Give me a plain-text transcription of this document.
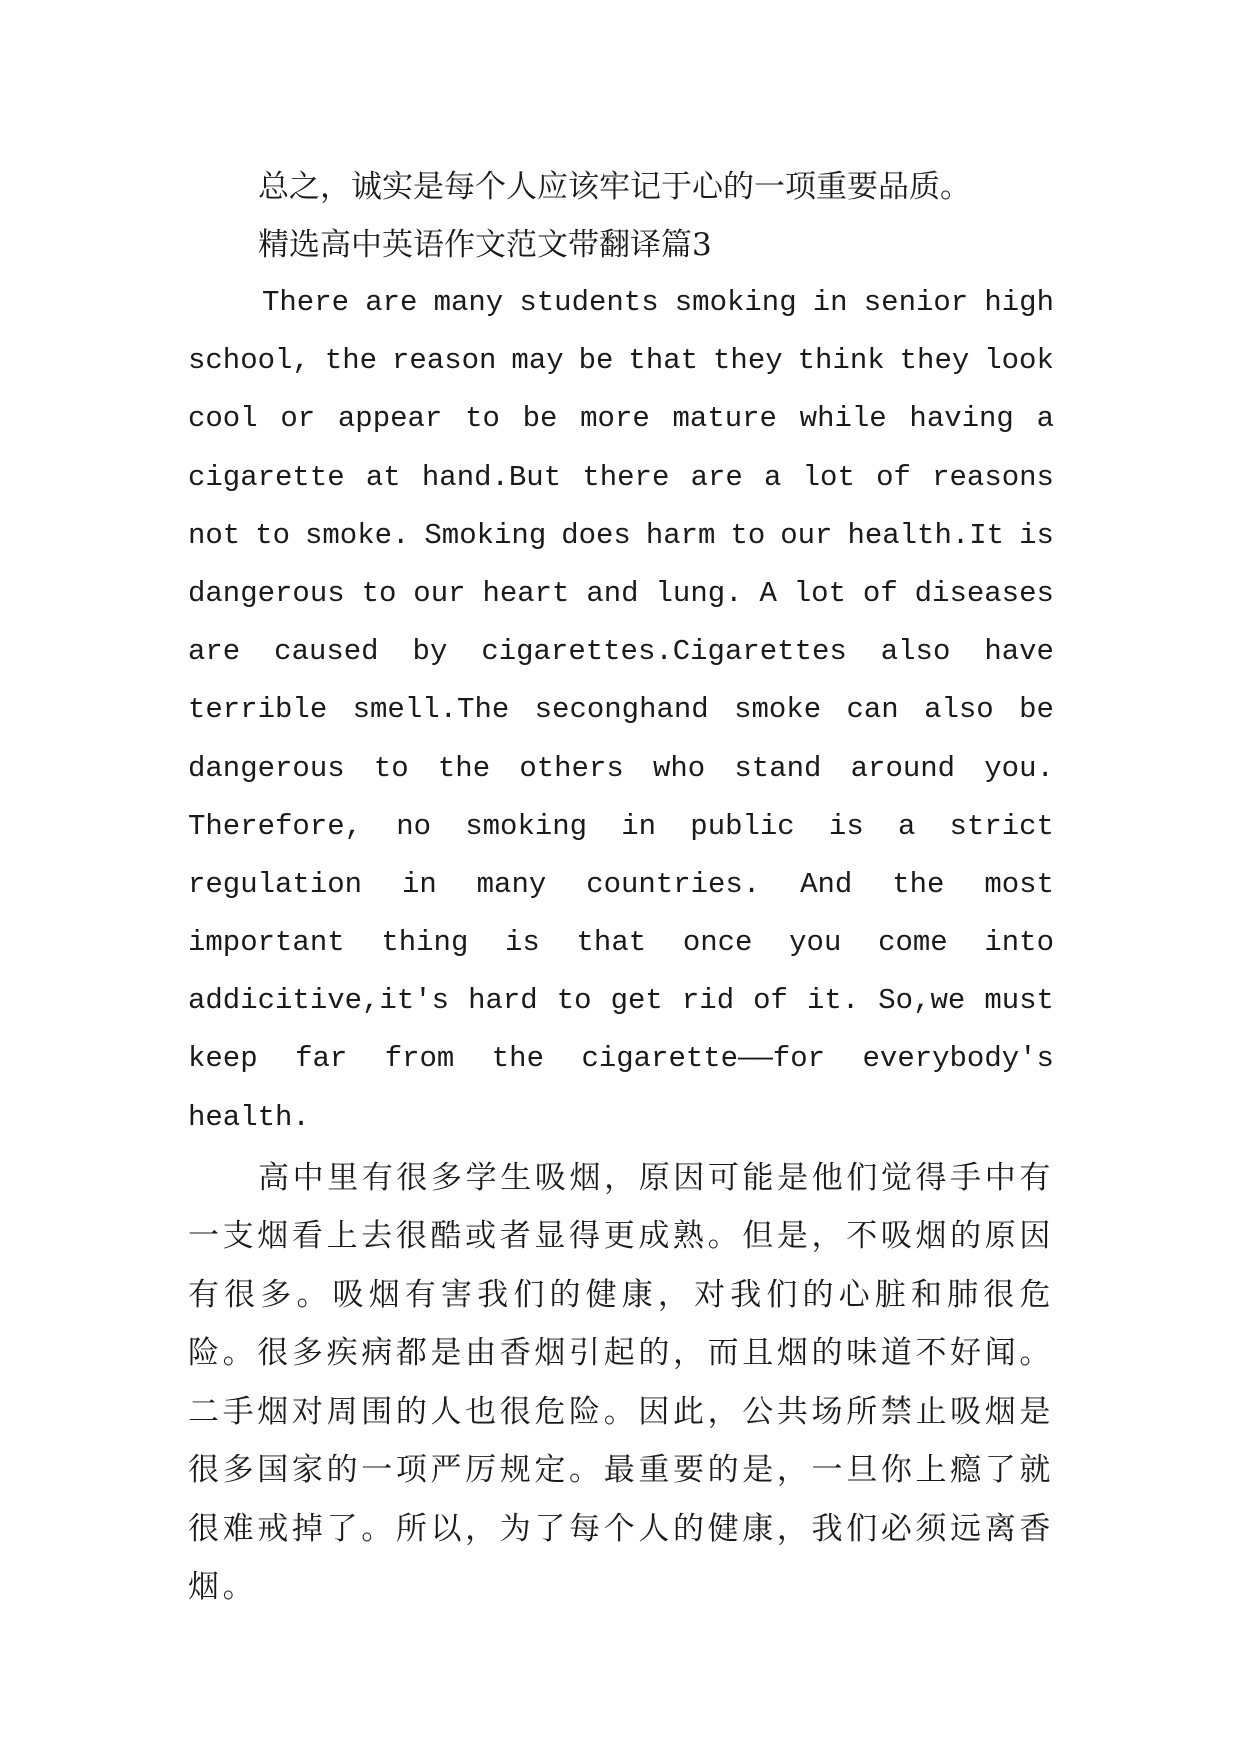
总之，诚实是每个人应该牢记于心的一项重要品质。

精选高中英语作文范文带翻译篇3

There are many students smoking in senior high
school, the reason may be that they think they look
cool or appear to be more mature while having a
cigarette at hand.But there are a lot of reasons
not to smoke. Smoking does harm to our health.It is
dangerous to our heart and lung. A lot of diseases
are caused by cigarettes.Cigarettes also have
terrible smell.The seconghand smoke can also be
dangerous to the others who stand around you.
Therefore, no smoking in public is a strict
regulation in many countries. And the most
important thing is that once you come into
addicitive,it's hard to get rid of it. So,we must
keep far from the cigarette——for everybody's
health.

高中里有很多学生吸烟，原因可能是他们觉得手中有一支烟看上去很酷或者显得更成熟。但是，不吸烟的原因有很多。吸烟有害我们的健康，对我们的心脏和肺很危险。很多疾病都是由香烟引起的，而且烟的味道不好闻。二手烟对周围的人也很危险。因此，公共场所禁止吸烟是很多国家的一项严厉规定。最重要的是，一旦你上瘾了就很难戒掉了。所以，为了每个人的健康，我们必须远离香烟。
